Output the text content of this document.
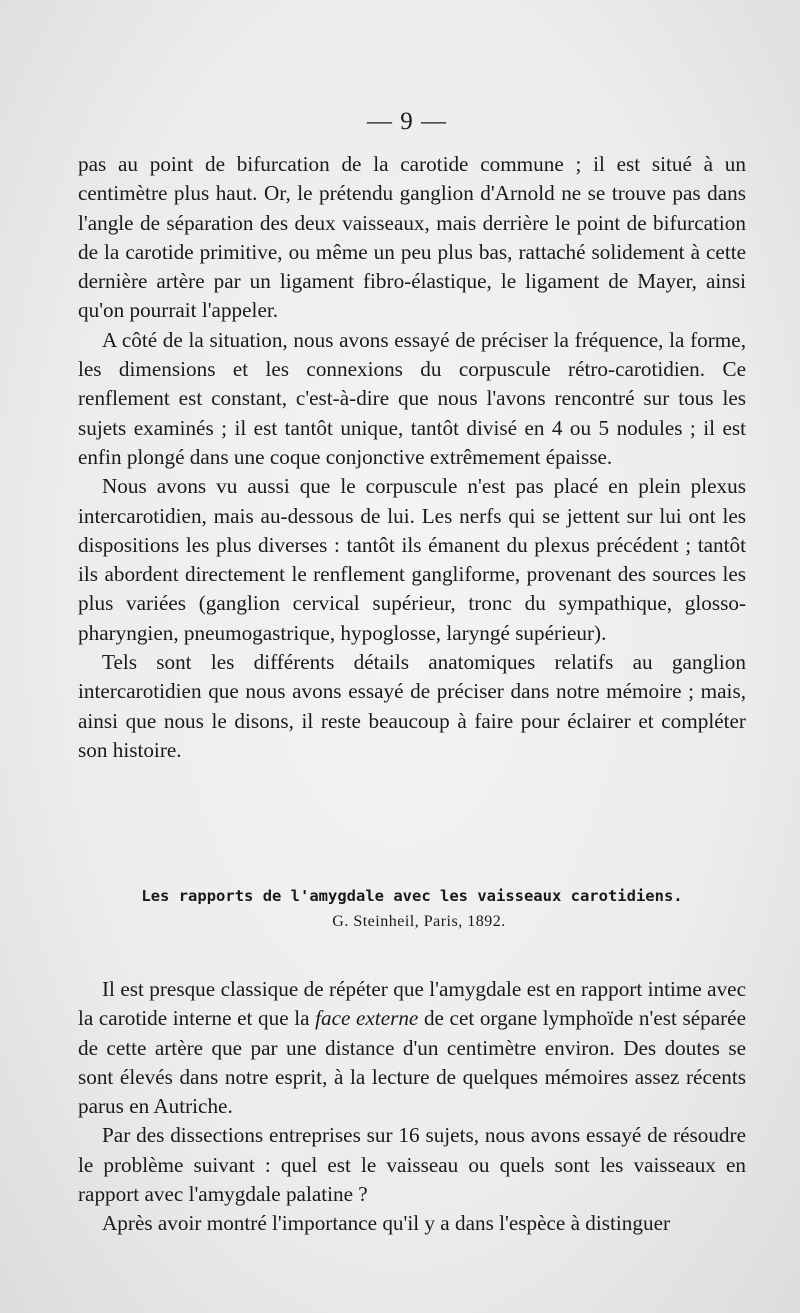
— 9 —

pas au point de bifurcation de la carotide commune ; il est situé à un centimètre plus haut. Or, le prétendu ganglion d'Arnold ne se trouve pas dans l'angle de séparation des deux vaisseaux, mais derrière le point de bifurcation de la carotide primitive, ou même un peu plus bas, rattaché solidement à cette dernière artère par un ligament fibro-élastique, le ligament de Mayer, ainsi qu'on pourrait l'appeler.

A côté de la situation, nous avons essayé de préciser la fréquence, la forme, les dimensions et les connexions du corpuscule rétro-carotidien. Ce renflement est constant, c'est-à-dire que nous l'avons rencontré sur tous les sujets examinés ; il est tantôt unique, tantôt divisé en 4 ou 5 nodules ; il est enfin plongé dans une coque conjonctive extrêmement épaisse.

Nous avons vu aussi que le corpuscule n'est pas placé en plein plexus intercarotidien, mais au-dessous de lui. Les nerfs qui se jettent sur lui ont les dispositions les plus diverses : tantôt ils émanent du plexus précédent ; tantôt ils abordent directement le renflement gangliforme, provenant des sources les plus variées (ganglion cervical supérieur, tronc du sympathique, glosso-pharyngien, pneumogastrique, hypoglosse, laryngé supérieur).

Tels sont les différents détails anatomiques relatifs au ganglion intercarotidien que nous avons essayé de préciser dans notre mémoire ; mais, ainsi que nous le disons, il reste beaucoup à faire pour éclairer et compléter son histoire.

Les rapports de l'amygdale avec les vaisseaux carotidiens.
G. Steinheil, Paris, 1892.

Il est presque classique de répéter que l'amygdale est en rapport intime avec la carotide interne et que la face externe de cet organe lymphoïde n'est séparée de cette artère que par une distance d'un centimètre environ. Des doutes se sont élevés dans notre esprit, à la lecture de quelques mémoires assez récents parus en Autriche.

Par des dissections entreprises sur 16 sujets, nous avons essayé de résoudre le problème suivant : quel est le vaisseau ou quels sont les vaisseaux en rapport avec l'amygdale palatine ?

Après avoir montré l'importance qu'il y a dans l'espèce à distinguer
